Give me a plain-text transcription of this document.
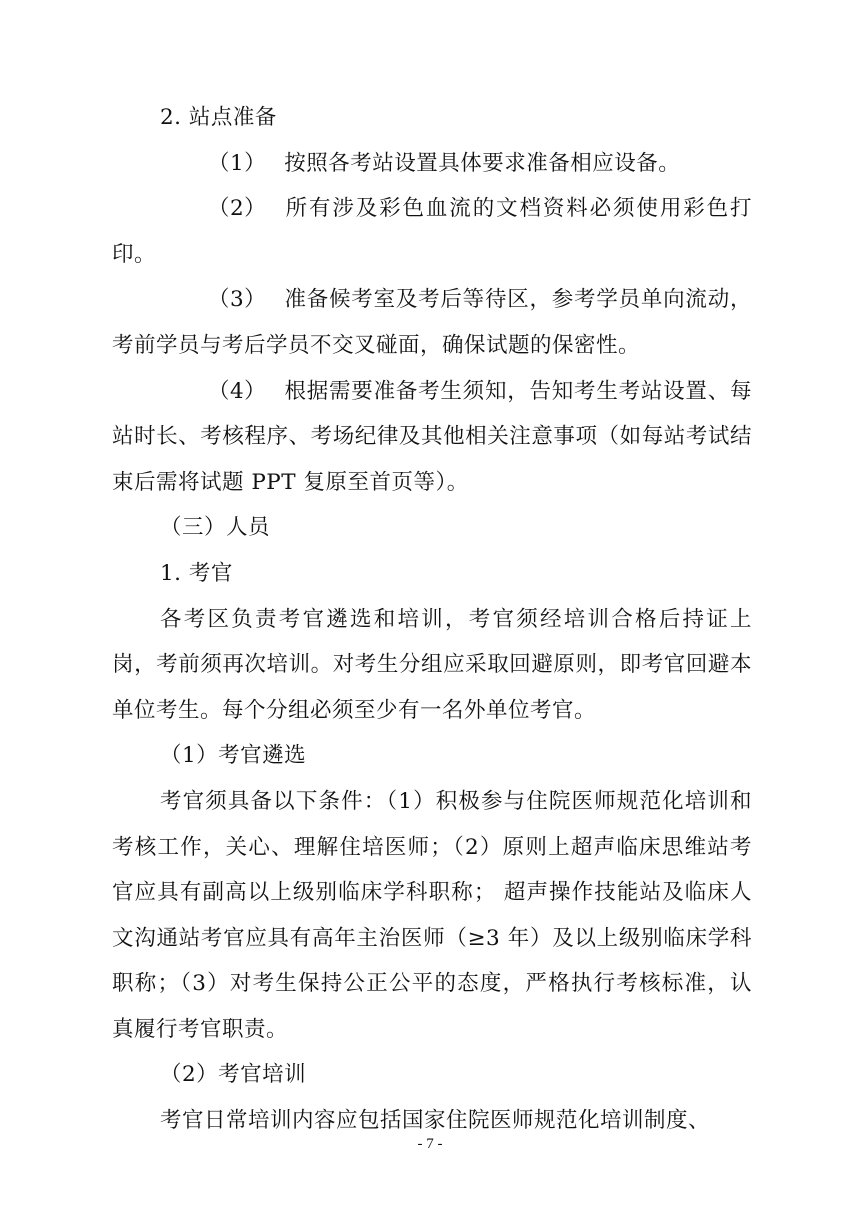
2. 站点准备

（1） 按照各考站设置具体要求准备相应设备。

（2） 所有涉及彩色血流的文档资料必须使用彩色打印。

（3） 准备候考室及考后等待区，参考学员单向流动，考前学员与考后学员不交叉碰面，确保试题的保密性。

（4） 根据需要准备考生须知，告知考生考站设置、每站时长、考核程序、考场纪律及其他相关注意事项（如每站考试结束后需将试题 PPT 复原至首页等）。

（三）人员

1. 考官

各考区负责考官遴选和培训，考官须经培训合格后持证上岗，考前须再次培训。对考生分组应采取回避原则，即考官回避本单位考生。每个分组必须至少有一名外单位考官。

（1）考官遴选

考官须具备以下条件：（1）积极参与住院医师规范化培训和考核工作，关心、理解住培医师；（2）原则上超声临床思维站考官应具有副高以上级别临床学科职称； 超声操作技能站及临床人文沟通站考官应具有高年主治医师（≥3 年）及以上级别临床学科职称；（3）对考生保持公正公平的态度，严格执行考核标准，认真履行考官职责。

（2）考官培训

考官日常培训内容应包括国家住院医师规范化培训制度、

- 7 -
